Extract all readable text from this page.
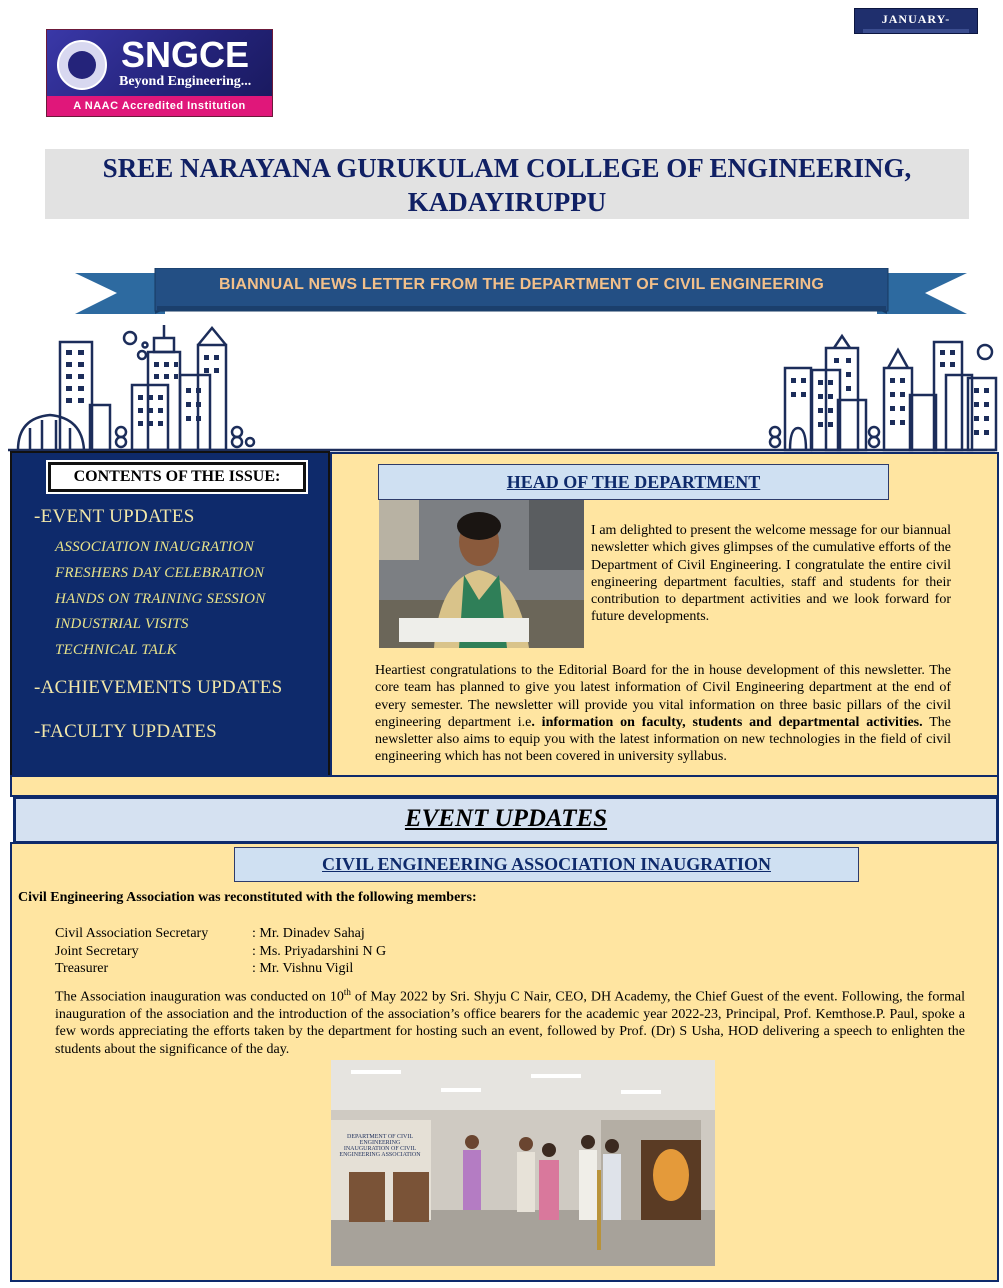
JANUARY-
SNGCE
Beyond Engineering...
A NAAC Accredited Institution
SREE NARAYANA GURUKULAM COLLEGE OF ENGINEERING,
KADAYIRUPPU
BIANNUAL NEWS LETTER FROM THE DEPARTMENT OF CIVIL ENGINEERING
CONTENTS OF THE ISSUE:
-EVENT UPDATES
ASSOCIATION INAUGRATION
FRESHERS DAY CELEBRATION
HANDS ON TRAINING SESSION
INDUSTRIAL VISITS
TECHNICAL TALK
-ACHIEVEMENTS UPDATES
-FACULTY UPDATES
HEAD OF THE DEPARTMENT
I am delighted to present the welcome message for our biannual newsletter which gives glimpses of the cumulative efforts of the Department of Civil Engineering. I congratulate the entire civil engineering department faculties, staff and students for their contribution to department activities and we look forward for future developments.
Heartiest congratulations to the Editorial Board for the in house development of this newsletter. The core team has planned to give you latest information of Civil Engineering department at the end of every semester. The newsletter will provide you vital information on three basic pillars of the civil engineering department i.e. information on faculty, students and departmental activities. The newsletter also aims to equip you with the latest information on new technologies in the field of civil engineering which has not been covered in university syllabus.
EVENT UPDATES
CIVIL ENGINEERING ASSOCIATION INAUGRATION
Civil Engineering Association was reconstituted with the following members:
Civil Association Secretary	: Mr. Dinadev Sahaj
Joint Secretary	: Ms. Priyadarshini N G
Treasurer	: Mr. Vishnu Vigil
The Association inauguration was conducted on 10th of May 2022 by Sri. Shyju C Nair, CEO, DH Academy, the Chief Guest of the event. Following, the formal inauguration of the association and the introduction of the association’s office bearers for the academic year 2022-23, Principal, Prof. Kemthose.P. Paul, spoke a few words appreciating the efforts taken by the department for hosting such an event, followed by Prof. (Dr) S Usha, HOD delivering a speech to enlighten the students about the significance of the day.
DEPARTMENT OF CIVIL ENGINEERING
INAUGURATION OF CIVIL ENGINEERING ASSOCIATION
